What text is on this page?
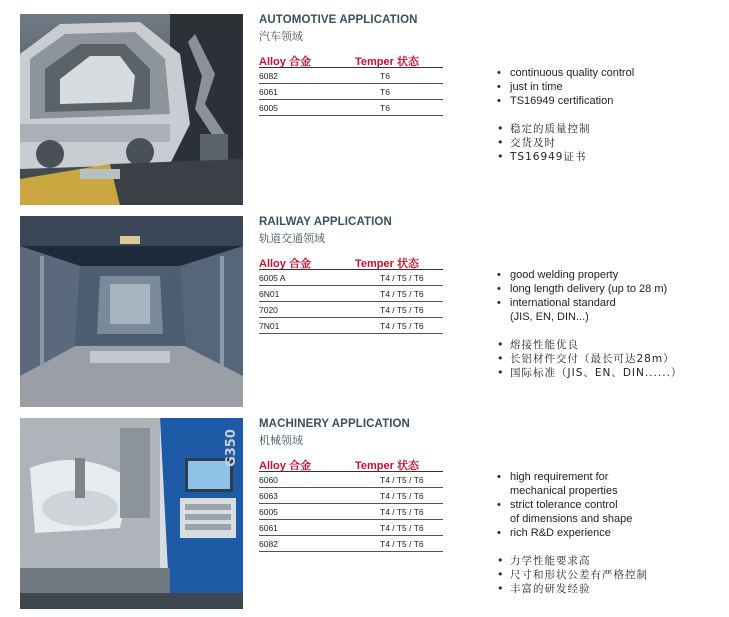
AUTOMOTIVE APPLICATION
汽车领域
Alloy 合金	Temper 状态
6082	T6
6061	T6
6005	T6
• continuous quality control
• just in time
• TS16949 certification
• 稳定的质量控制
• 交货及时
• TS16949证书
RAILWAY APPLICATION
轨道交通领域
Alloy 合金	Temper 状态
6005 A	T4 / T5 / T6
6N01	T4 / T5 / T6
7020	T4 / T5 / T6
7N01	T4 / T5 / T6
• good welding property
• long length delivery (up to 28 m)
• international standard
(JIS, EN, DIN...)
• 熔接性能优良
• 长铝材件交付（最长可达28m）
• 国际标准（JIS、EN、DIN......）
G350
MACHINERY APPLICATION
机械领域
Alloy 合金	Temper 状态
6060	T4 / T5 / T6
6063	T4 / T5 / T6
6005	T4 / T5 / T6
6061	T4 / T5 / T6
6082	T4 / T5 / T6
• high requirement for
mechanical properties
• strict tolerance control
of dimensions and shape
• rich R&D experience
• 力学性能要求高
• 尺寸和形状公差有严格控制
• 丰富的研发经验
